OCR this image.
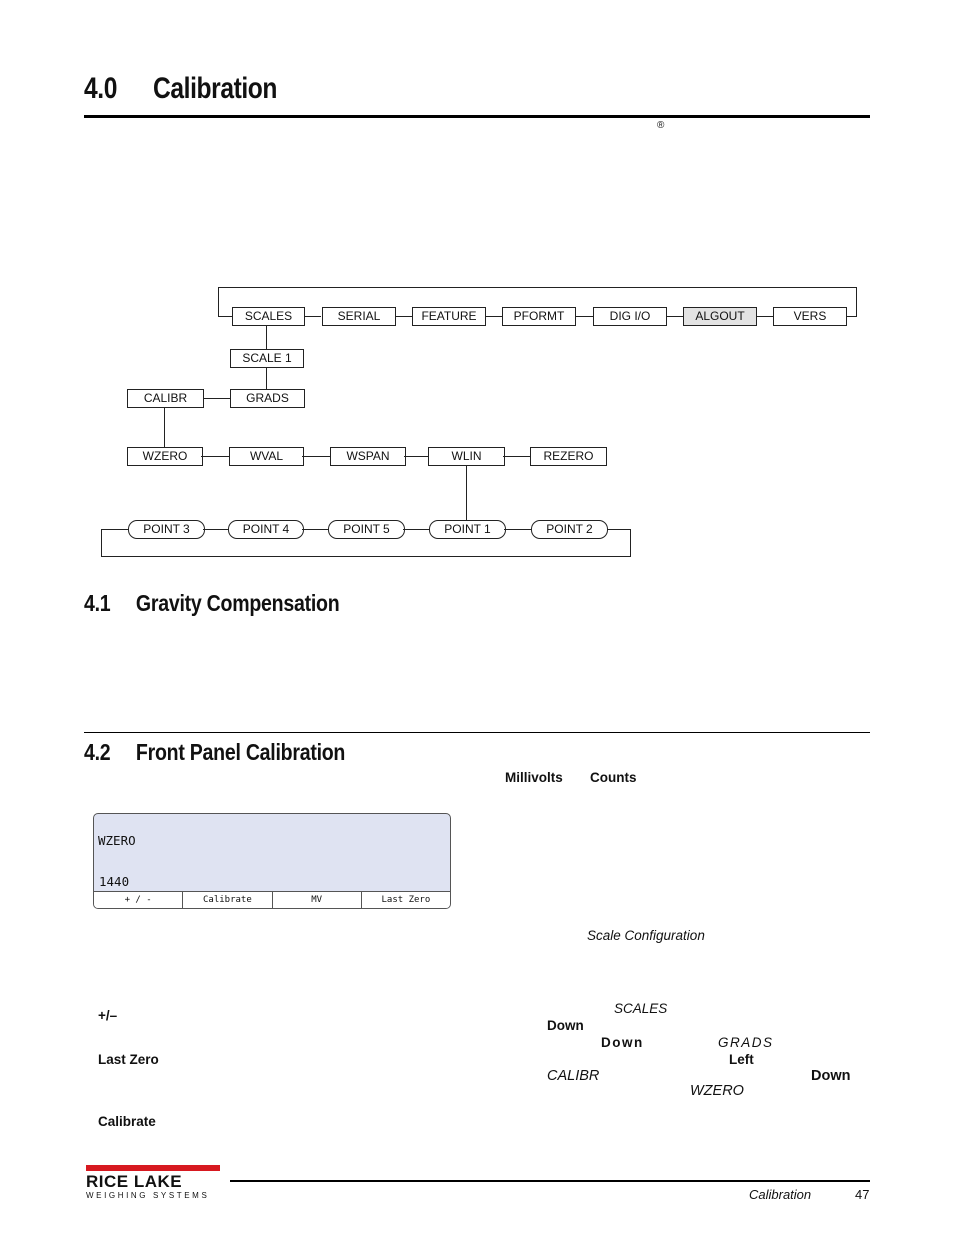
4.0 Calibration
®
SCALES	SERIAL	FEATURE	PFORMT	DIG I/O	ALGOUT	VERS
SCALE 1
GRADS
CALIBR
WZERO	WVAL	WSPAN	WLIN	REZERO
POINT 3	POINT 4	POINT 5	POINT 1	POINT 2
4.1 Gravity Compensation
4.2 Front Panel Calibration
Millivolts Counts
Scale Configuration
SCALES
Down
Down	GRADS
Left
CALIBR	Down
WZERO
WZERO
1440
+ / -	Calibrate	MV	Last Zero
+/–
Last Zero
Calibrate
RICE LAKE
WEIGHING SYSTEMS	Calibration	47
